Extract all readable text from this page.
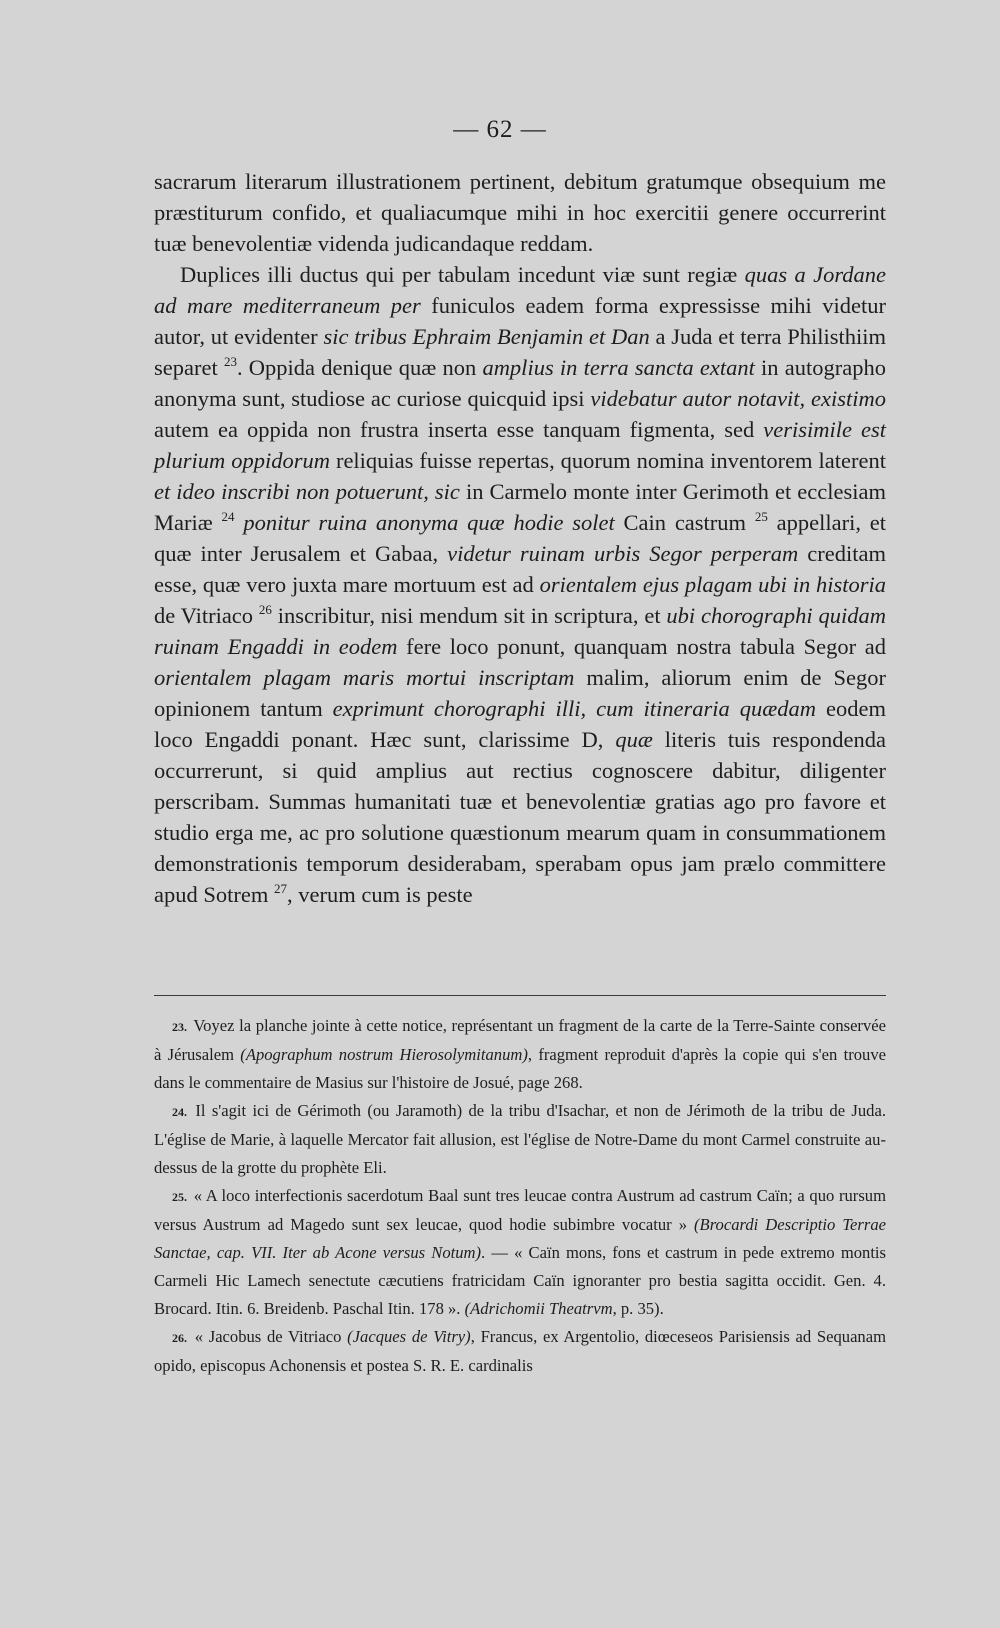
— 62 —

sacrarum literarum illustrationem pertinent, debitum gratumque obsequium me præstiturum confido, et qualiacumque mihi in hoc exercitii genere occurrerint tuæ benevolentiæ videnda judicandaque reddam.

Duplices illi ductus qui per tabulam incedunt viæ sunt regiæ quas a Jordane ad mare mediterraneum per funiculos eadem forma expressisse mihi videtur autor, ut evidenter sic tribus Ephraim Benjamin et Dan a Juda et terra Philisthiim separet $^{23}$. Oppida denique quæ non amplius in terra sancta extant in autographo anonyma sunt, studiose ac curiose quicquid ipsi videbatur autor notavit, existimo autem ea oppida non frustra inserta esse tanquam figmenta, sed verisimile est plurium oppidorum reliquias fuisse repertas, quorum nomina inventorem laterent et ideo inscribi non potuerunt, sic in Carmelo monte inter Gerimoth et ecclesiam Mariæ $^{24}$ ponitur ruina anonyma quæ hodie solet Cain castrum $^{25}$ appellari, et quæ inter Jerusalem et Gabaa, videtur ruinam urbis Segor perperam creditam esse, quæ vero juxta mare mortuum est ad orientalem ejus plagam ubi in historia de Vitriaco $^{26}$ inscribitur, nisi mendum sit in scriptura, et ubi chorographi quidam ruinam Engaddi in eodem fere loco ponunt, quanquam nostra tabula Segor ad orientalem plagam maris mortui inscriptam malim, aliorum enim de Segor opinionem tantum exprimunt chorographi illi, cum itineraria quædam eodem loco Engaddi ponant. Hæc sunt, clarissime D, quæ literis tuis respondenda occurrerunt, si quid amplius aut rectius cognoscere dabitur, diligenter perscribam. Summas humanitati tuæ et benevolentiæ gratias ago pro favore et studio erga me, ac pro solutione quæstionum mearum quam in consummationem demonstrationis temporum desiderabam, sperabam opus jam prælo committere apud Sotrem $^{27}$, verum cum is peste

23. Voyez la planche jointe à cette notice, représentant un fragment de la carte de la Terre-Sainte conservée à Jérusalem (Apographum nostrum Hierosolymitanum), fragment reproduit d'après la copie qui s'en trouve dans le commentaire de Masius sur l'histoire de Josué, page 268.

24. Il s'agit ici de Gérimoth (ou Jaramoth) de la tribu d'Isachar, et non de Jérimoth de la tribu de Juda. L'église de Marie, à laquelle Mercator fait allusion, est l'église de Notre-Dame du mont Carmel construite au-dessus de la grotte du prophète Eli.

25. « A loco interfectionis sacerdotum Baal sunt tres leucae contra Austrum ad castrum Caïn; a quo rursum versus Austrum ad Magedo sunt sex leucae, quod hodie subimbre vocatur » (Brocardi Descriptio Terrae Sanctae, cap. VII. Iter ab Acone versus Notum). — « Caïn mons, fons et castrum in pede extremo montis Carmeli Hic Lamech senectute cæcutiens fratricidam Caïn ignoranter pro bestia sagitta occidit. Gen. 4. Brocard. Itin. 6. Breidenb. Paschal Itin. 178 ». (Adrichomii Theatrvm, p. 35).

26. « Jacobus de Vitriaco (Jacques de Vitry), Francus, ex Argentolio, diœceseos Parisiensis ad Sequanam opido, episcopus Achonensis et postea S. R. E. cardinalis
